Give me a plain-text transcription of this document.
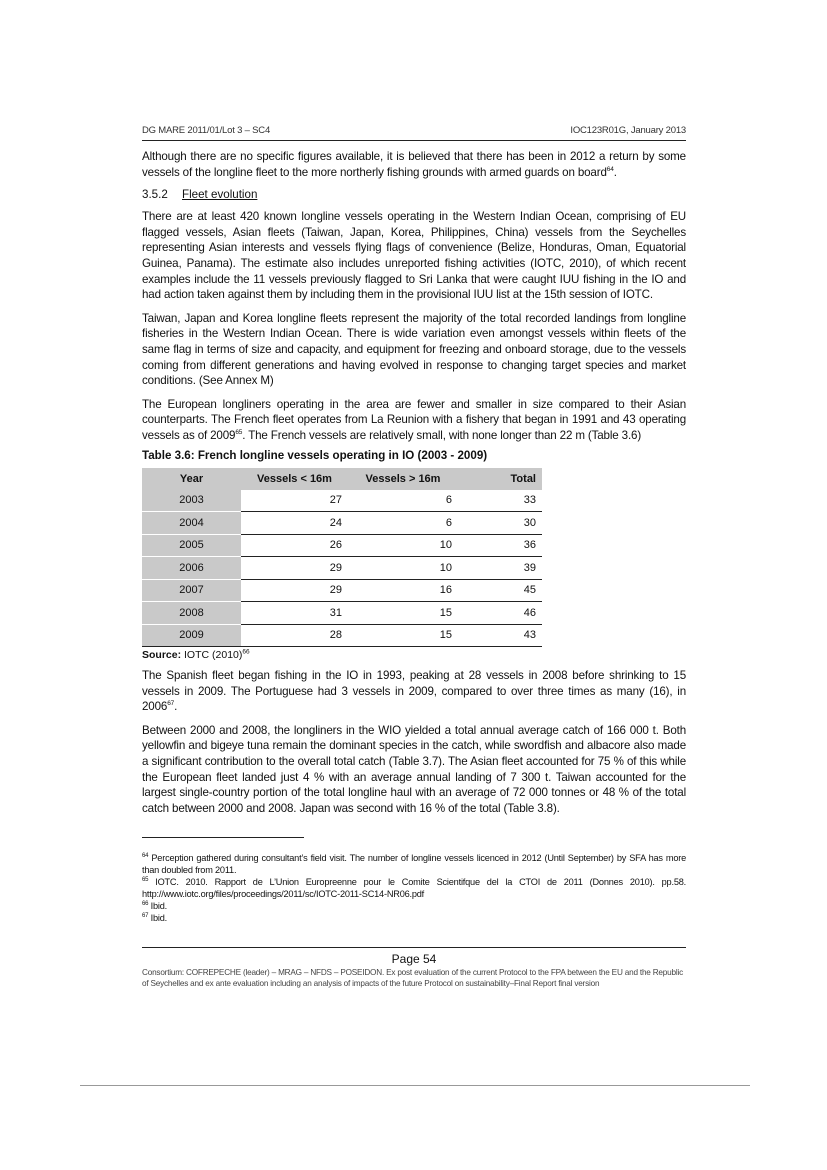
DG MARE 2011/01/Lot 3 – SC4	IOC123R01G, January 2013

Although there are no specific figures available, it is believed that there has been in 2012 a return by some vessels of the longline fleet to the more northerly fishing grounds with armed guards on board$^{64}$.

3.5.2	Fleet evolution

There are at least 420 known longline vessels operating in the Western Indian Ocean, comprising of EU flagged vessels, Asian fleets (Taiwan, Japan, Korea, Philippines, China) vessels from the Seychelles representing Asian interests and vessels flying flags of convenience (Belize, Honduras, Oman, Equatorial Guinea, Panama). The estimate also includes unreported fishing activities (IOTC, 2010), of which recent examples include the 11 vessels previously flagged to Sri Lanka that were caught IUU fishing in the IO and had action taken against them by including them in the provisional IUU list at the 15th session of IOTC.

Taiwan, Japan and Korea longline fleets represent the majority of the total recorded landings from longline fisheries in the Western Indian Ocean. There is wide variation even amongst vessels within fleets of the same flag in terms of size and capacity, and equipment for freezing and onboard storage, due to the vessels coming from different generations and having evolved in response to changing target species and market conditions. (See Annex M)

The European longliners operating in the area are fewer and smaller in size compared to their Asian counterparts. The French fleet operates from La Reunion with a fishery that began in 1991 and 43 operating vessels as of 2009$^{65}$. The French vessels are relatively small, with none longer than 22 m (Table 3.6)

Table 3.6: French longline vessels operating in IO (2003 - 2009)
Year	Vessels < 16m	Vessels > 16m	Total
2003	27	6	33
2004	24	6	30
2005	26	10	36
2006	29	10	39
2007	29	16	45
2008	31	15	46
2009	28	15	43
Source: IOTC $(2010)^{66}$

The Spanish fleet began fishing in the IO in 1993, peaking at 28 vessels in 2008 before shrinking to 15 vessels in 2009. The Portuguese had 3 vessels in 2009, compared to over three times as many (16), in 2006$^{67}$.

Between 2000 and 2008, the longliners in the WIO yielded a total annual average catch of 166 000 t. Both yellowfin and bigeye tuna remain the dominant species in the catch, while swordfish and albacore also made a significant contribution to the overall total catch (Table 3.7). The Asian fleet accounted for 75 % of this while the European fleet landed just 4 % with an average annual landing of 7 300 t. Taiwan accounted for the largest single-country portion of the total longline haul with an average of 72 000 tonnes or 48 % of the total catch between 2000 and 2008. Japan was second with 16 % of the total (Table 3.8).

$^{64}$ Perception gathered during consultant’s field visit. The number of longline vessels licenced in 2012 (Until September) by SFA has more than doubled from 2011.
$^{65}$ IOTC. 2010. Rapport de L’Union Europreenne pour le Comite Scientifque del la CTOI de 2011 (Donnes 2010). pp.58. http://www.iotc.org/files/proceedings/2011/sc/IOTC-2011-SC14-NR06.pdf
$^{66}$ Ibid.
$^{67}$ Ibid.
Page 54
Consortium: COFREPECHE (leader) – MRAG – NFDS – POSEIDON. Ex post evaluation of the current Protocol to the FPA between the EU and the Republic of Seychelles and ex ante evaluation including an analysis of impacts of the future Protocol on sustainability–Final Report final version
